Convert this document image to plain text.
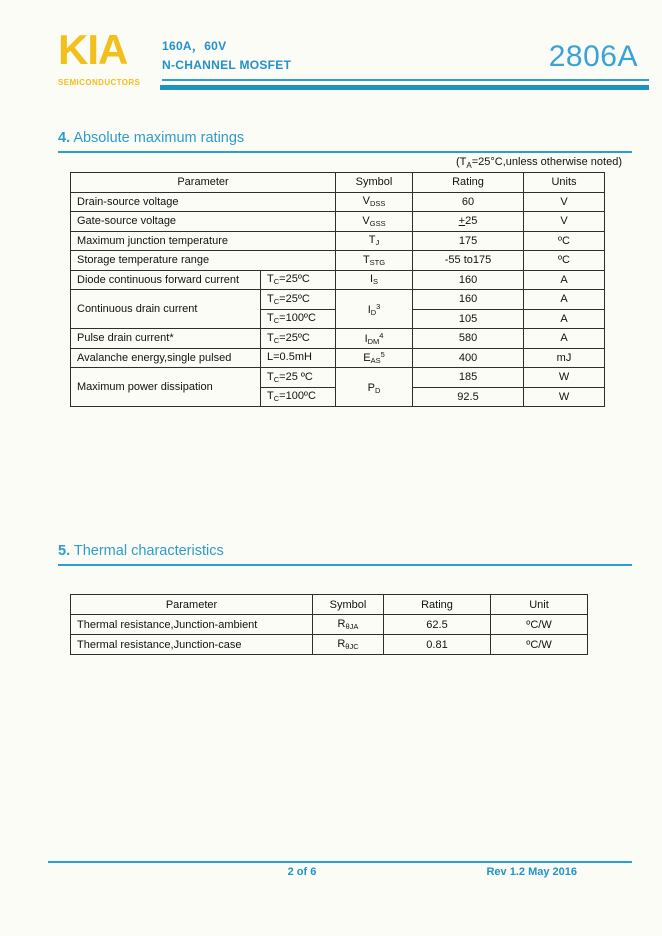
KIA
SEMICONDUCTORS
160A，60V
N-CHANNEL MOSFET	2806A
4. Absolute maximum ratings
($T_A=25^\circ C,unless$ otherwise noted)
Parameter		Symbol	Rating	Units
Drain-source voltage		$V_{DSS}$	60	V
Gate-source voltage		$V_{GSS}$	+25	V
Maximum junction temperature		$T_J$	175	ºC
Storage temperature range		$T_{STG}$	-55 to175	ºC
Diode continuous forward current	$T_C=25ºC$	$I_S$	160	A
Continuous drain current	$T_C=25ºC$	$I_D^3$	160	A
	$T_C=100ºC$		105	A
Pulse drain current*	$T_C=25ºC$	$I_{DM}^4$	580	A
Avalanche energy,single pulsed	L=0.5mH	$E_{AS}^5$	400	mJ
Maximum power dissipation	$T_C=25$ ºC	$P_D$	185	W
	$T_C=100ºC$		92.5	W
5. Thermal characteristics
Parameter	Symbol	Rating	Unit
Thermal resistance,Junction-ambient	$R_{\theta JA}$	62.5	ºC/W
Thermal resistance,Junction-case	$R_{\theta JC}$	0.81	ºC/W
2 of 6	Rev 1.2 May 2016
